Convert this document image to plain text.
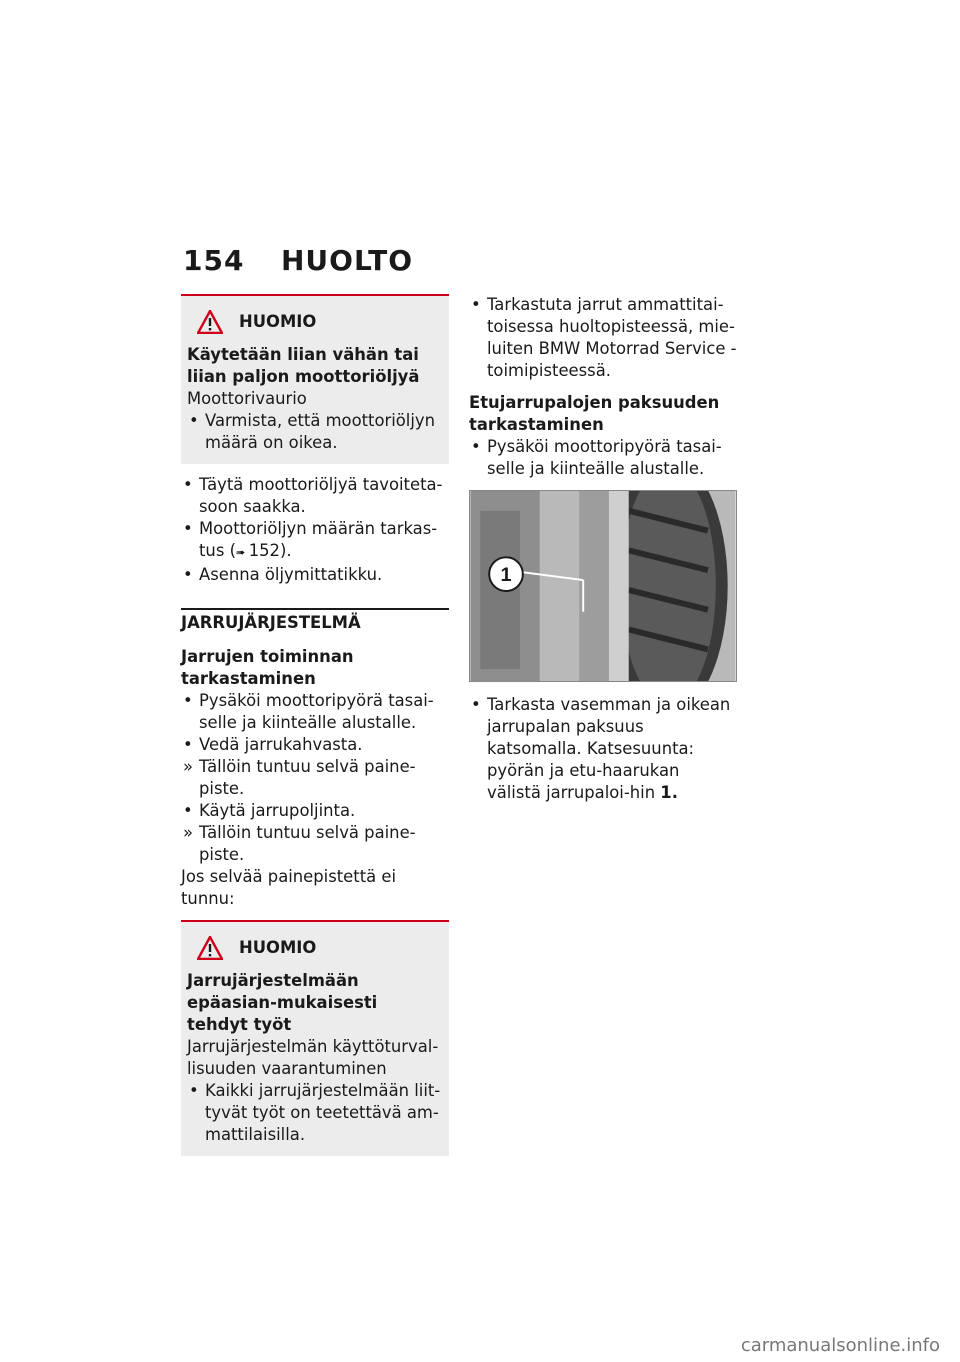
154 HUOLTO
HUOMIO
Käytetään liian vähän tai liian paljon moottoriöljyä
Moottorivaurio
• Varmista, että moottoriöljyn määrä on oikea.
• Täytä moottoriöljyä tavoiteta-soon saakka.
• Moottoriöljyn määrän tarkas-tus (➠ 152).
• Asenna öljymittatikku.
JARRUJÄRJESTELMÄ
Jarrujen toiminnan tarkastaminen
• Pysäköi moottoripyörä tasai-selle ja kiinteälle alustalle.
• Vedä jarrukahvasta.
» Tällöin tuntuu selvä paine-piste.
• Käytä jarrupoljinta.
» Tällöin tuntuu selvä paine-piste.

Jos selvää painepistettä ei tunnu:

HUOMIO
Jarrujärjestelmään epäasian-mukaisesti tehdyt työt
Jarrujärjestelmän käyttöturval-lisuuden vaarantuminen
• Kaikki jarrujärjestelmään liit-tyvät työt on teetettävä am-mattilaisilla.
• Tarkastuta jarrut ammattitai-toisessa huoltopisteessä, mie-luiten BMW Motorrad Service -toimipisteessä.
Etujarrupalojen paksuuden tarkastaminen
• Pysäköi moottoripyörä tasai-selle ja kiinteälle alustalle.
1
• Tarkasta vasemman ja oikean jarrupalan paksuus katsomalla. Katsesuunta: pyörän ja etu-haarukan välistä jarrupaloi-hin 1.
carmanualsonline.info
